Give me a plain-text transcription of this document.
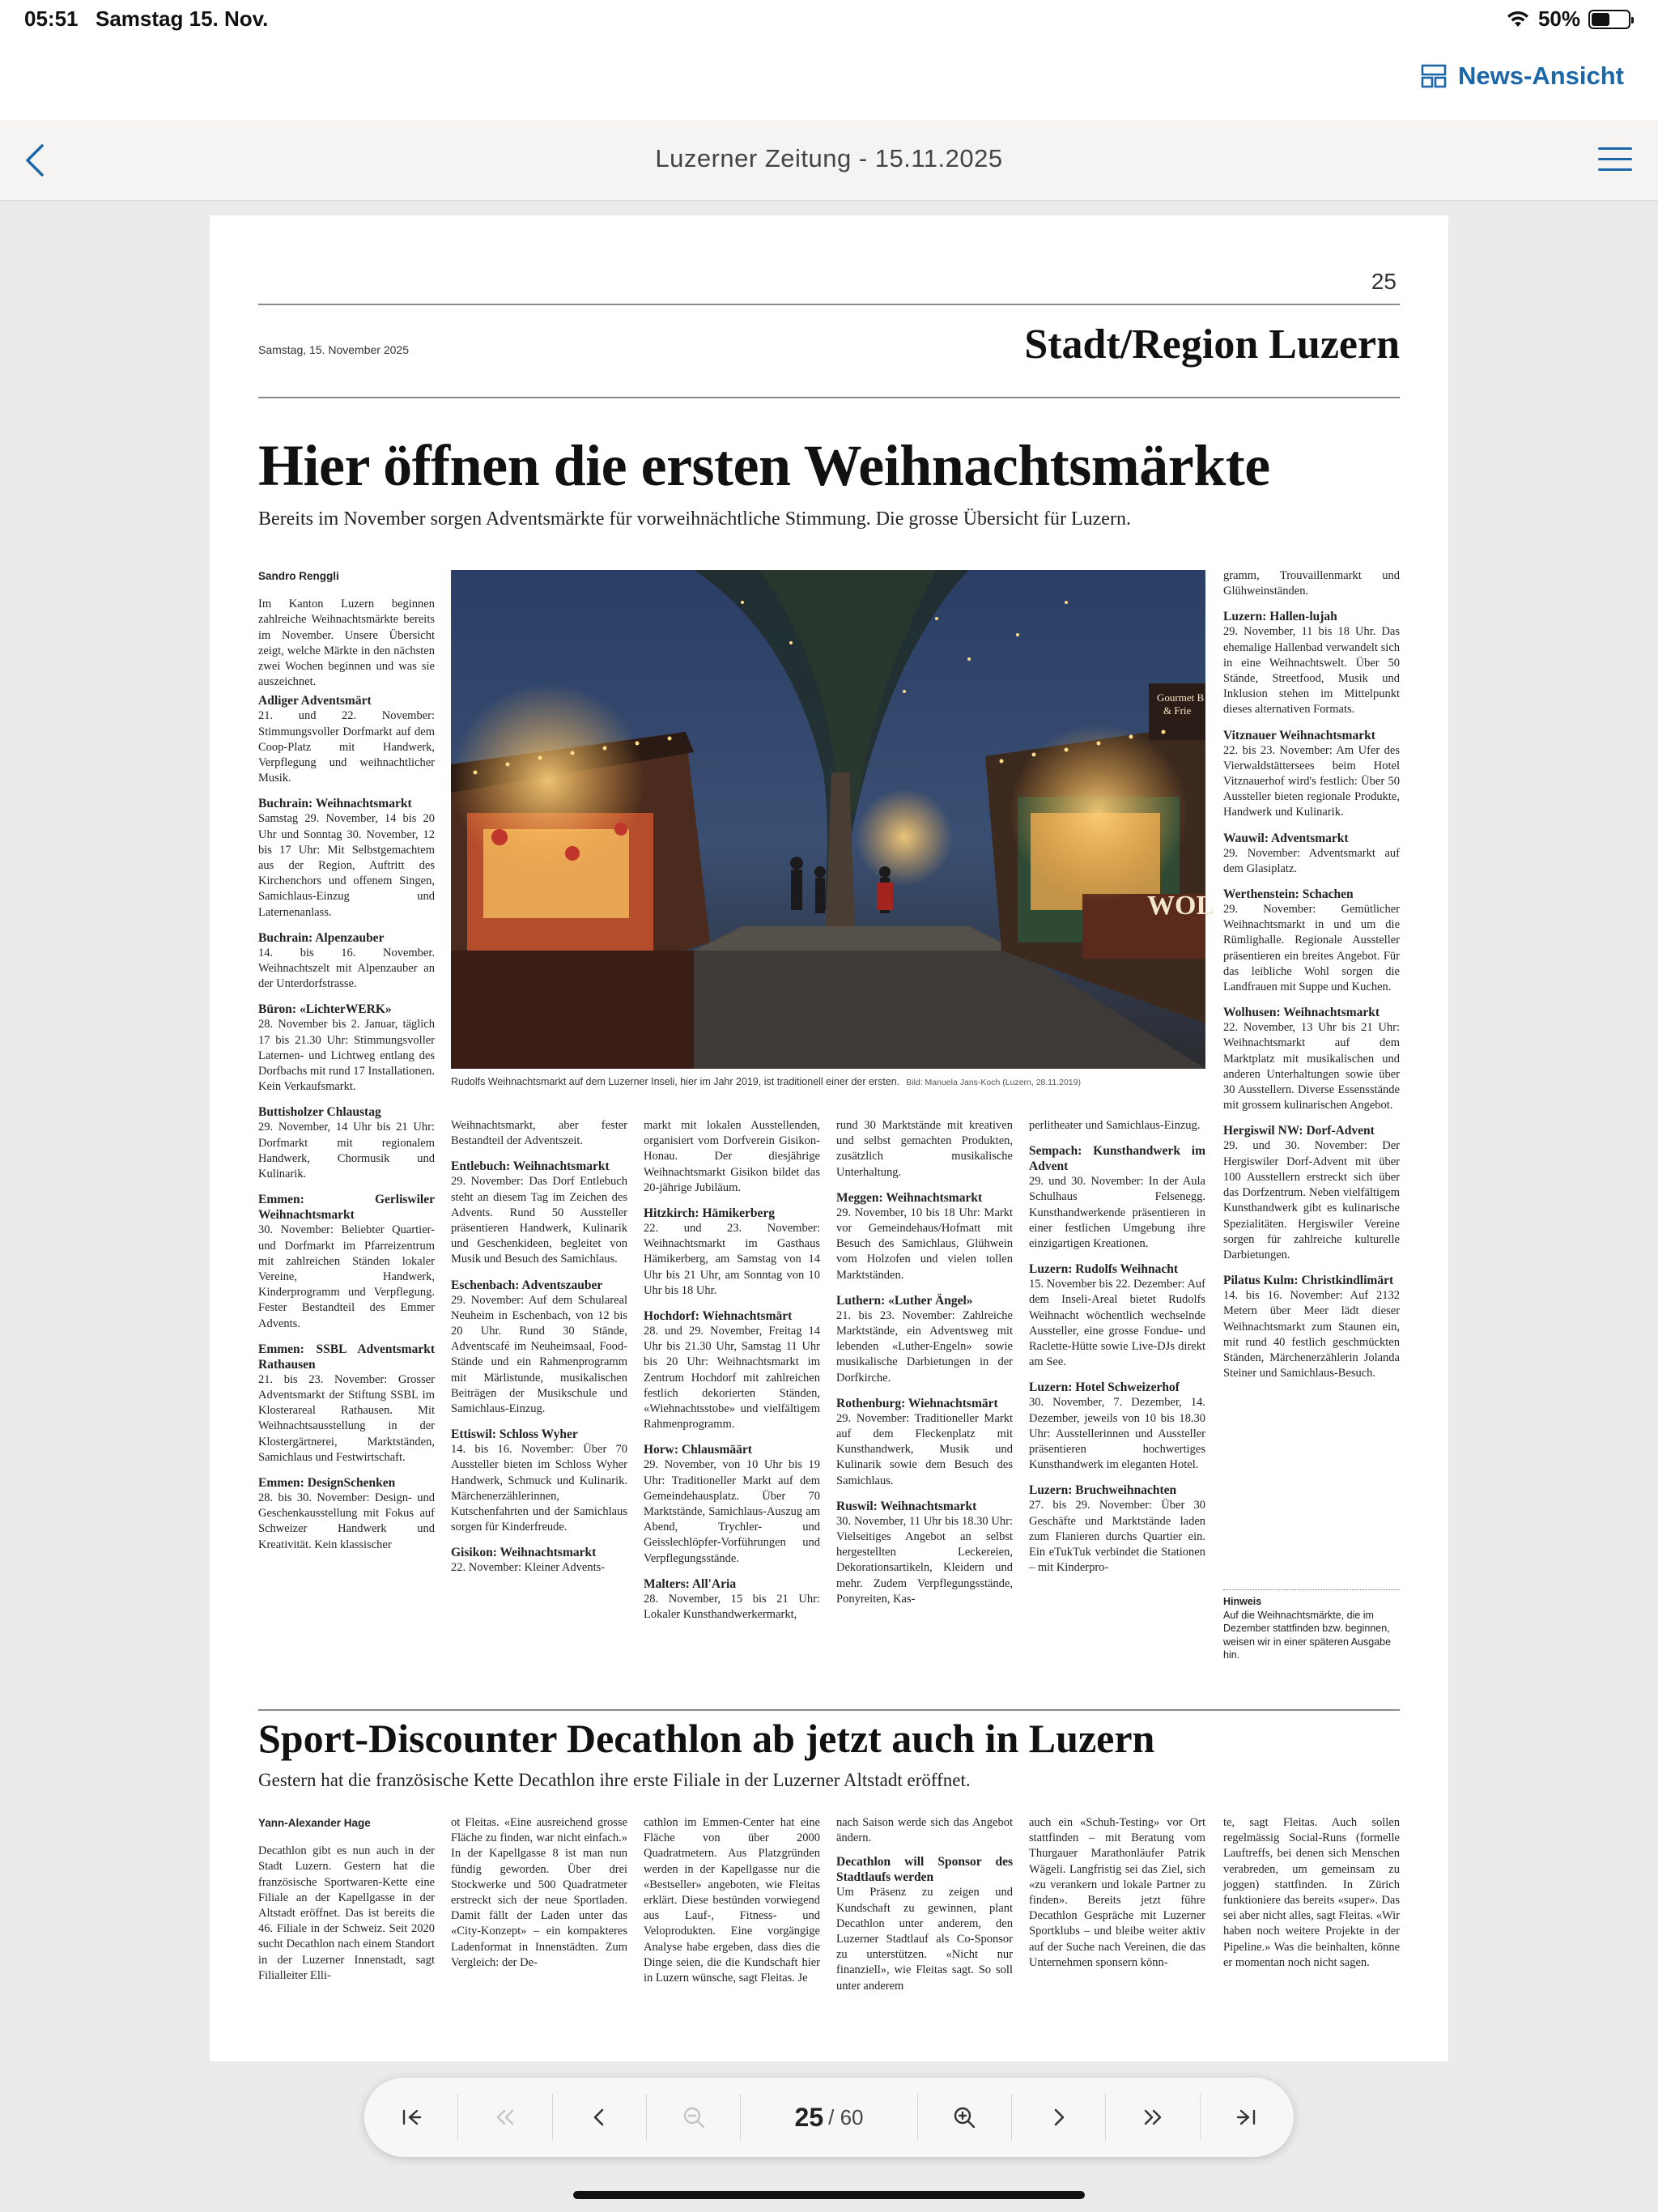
05:51 Samstag 15. Nov.	50%
News-Ansicht
Luzerner Zeitung - 15.11.2025
25
Samstag, 15. November 2025	Stadt/Region Luzern
Hier öffnen die ersten Weihnachtsmärkte
Bereits im November sorgen Adventsmärkte für vorweihnächtliche Stimmung. Die grosse Übersicht für Luzern.
Sandro Renggli

Im Kanton Luzern beginnen zahlreiche Weihnachtsmärkte bereits im November. Unsere Übersicht zeigt, welche Märkte in den nächsten zwei Wochen beginnen und was sie auszeichnet.

Adliger Adventsmärt

21. und 22. November: Stimmungsvoller Dorfmarkt auf dem Coop-Platz mit Handwerk, Verpflegung und weihnachtlicher Musik.

Buchrain: Weihnachtsmarkt

Samstag 29. November, 14 bis 20 Uhr und Sonntag 30. November, 12 bis 17 Uhr: Mit Selbstgemachtem aus der Region, Auftritt des Kirchenchors und offenem Singen, Samichlaus-Einzug und Laternenanlass.

Buchrain: Alpenzauber

14. bis 16. November. Weihnachtszelt mit Alpenzauber an der Unterdorfstrasse.

Büron: «LichterWERK»

28. November bis 2. Januar, täglich 17 bis 21.30 Uhr: Stimmungsvoller Laternen- und Lichtweg entlang des Dorfbachs mit rund 17 Installationen. Kein Verkaufsmarkt.

Buttisholzer Chlaustag

29. November, 14 Uhr bis 21 Uhr: Dorfmarkt mit regionalem Handwerk, Chormusik und Kulinarik.

Emmen: Gerliswiler Weihnachtsmarkt

30. November: Beliebter Quartier- und Dorfmarkt im Pfarreizentrum mit zahlreichen Ständen lokaler Vereine, Handwerk, Kinderprogramm und Verpflegung. Fester Bestandteil des Emmer Advents.

Emmen: SSBL Adventsmarkt Rathausen

21. bis 23. November: Grosser Adventsmarkt der Stiftung SSBL im Klosterareal Rathausen. Mit Weihnachtsausstellung in der Klostergärtnerei, Marktständen, Samichlaus und Festwirtschaft.

Emmen: DesignSchenken

28. bis 30. November: Design- und Geschenkausstellung mit Fokus auf Schweizer Handwerk und Kreativität. Kein klassischer

Gourmet B
& Frie
WOL
Rudolfs Weihnachtsmarkt auf dem Luzerner Inseli, hier im Jahr 2019, ist traditionell einer der ersten. Bild: Manuela Jans-Koch (Luzern, 28.11.2019)

Weihnachtsmarkt, aber fester Bestandteil der Adventszeit.

Entlebuch: Weihnachtsmarkt

29. November: Das Dorf Entlebuch steht an diesem Tag im Zeichen des Advents. Rund 50 Aussteller präsentieren Handwerk, Kulinarik und Geschenkideen, begleitet von Musik und Besuch des Samichlaus.

Eschenbach: Adventszauber

29. November: Auf dem Schulareal Neuheim in Eschenbach, von 12 bis 20 Uhr. Rund 30 Stände, Adventscafé im Neuheimsaal, Food-Stände und ein Rahmenprogramm mit Märlistunde, musikalischen Beiträgen der Musikschule und Samichlaus-Einzug.

Ettiswil: Schloss Wyher

14. bis 16. November: Über 70 Aussteller bieten im Schloss Wyher Handwerk, Schmuck und Kulinarik. Märchenerzählerinnen, Kutschenfahrten und der Samichlaus sorgen für Kinderfreude.

Gisikon: Weihnachtsmarkt

22. November: Kleiner Advents-

markt mit lokalen Ausstellenden, organisiert vom Dorfverein Gisikon-Honau. Der diesjährige Weihnachtsmarkt Gisikon bildet das 20-jährige Jubiläum.

Hitzkirch: Hämikerberg

22. und 23. November: Weihnachtsmarkt im Gasthaus Hämikerberg, am Samstag von 14 Uhr bis 21 Uhr, am Sonntag von 10 Uhr bis 18 Uhr.

Hochdorf: Wiehnachtsmärt

28. und 29. November, Freitag 14 Uhr bis 21.30 Uhr, Samstag 11 Uhr bis 20 Uhr: Weihnachtsmarkt im Zentrum Hochdorf mit zahlreichen festlich dekorierten Ständen, «Wiehnachtsstobe» und vielfältigem Rahmenprogramm.

Horw: Chlausmäärt

29. November, von 10 Uhr bis 19 Uhr: Traditioneller Markt auf dem Gemeindehausplatz. Über 70 Marktstände, Samichlaus-Auszug am Abend, Trychler- und Geisslechlöpfer-Vorführungen und Verpflegungsstände.

Malters: All'Aria

28. November, 15 bis 21 Uhr: Lokaler Kunsthandwerkermarkt,

rund 30 Marktstände mit kreativen und selbst gemachten Produkten, zusätzlich musikalische Unterhaltung.

Meggen: Weihnachtsmarkt

29. November, 10 bis 18 Uhr: Markt vor Gemeindehaus/Hofmatt mit Besuch des Samichlaus, Glühwein vom Holzofen und vielen tollen Marktständen.

Luthern: «Luther Ängel»

21. bis 23. November: Zahlreiche Marktstände, ein Adventsweg mit lebenden «Luther-Engeln» sowie musikalische Darbietungen in der Dorfkirche.

Rothenburg: Wiehnachtsmärt

29. November: Traditioneller Markt auf dem Fleckenplatz mit Kunsthandwerk, Musik und Kulinarik sowie dem Besuch des Samichlaus.

Ruswil: Weihnachtsmarkt

30. November, 11 Uhr bis 18.30 Uhr: Vielseitiges Angebot an selbst hergestellten Leckereien, Dekorationsartikeln, Kleidern und mehr. Zudem Verpflegungsstände, Ponyreiten, Kas-

perlitheater und Samichlaus-Einzug.

Sempach: Kunsthandwerk im Advent

29. und 30. November: In der Aula Schulhaus Felsenegg. Kunsthandwerkende präsentieren in einer festlichen Umgebung ihre einzigartigen Kreationen.

Luzern: Rudolfs Weihnacht

15. November bis 22. Dezember: Auf dem Inseli-Areal bietet Rudolfs Weihnacht wöchentlich wechselnde Aussteller, eine grosse Fondue- und Raclette-Hütte sowie Live-DJs direkt am See.

Luzern: Hotel Schweizerhof

30. November, 7. Dezember, 14. Dezember, jeweils von 10 bis 18.30 Uhr: Ausstellerinnen und Aussteller präsentieren hochwertiges Kunsthandwerk im eleganten Hotel.

Luzern: Bruchweihnachten

27. bis 29. November: Über 30 Geschäfte und Marktstände laden zum Flanieren durchs Quartier ein. Ein eTukTuk verbindet die Stationen – mit Kinderpro-

gramm, Trouvaillenmarkt und Glühweinständen.

Luzern: Hallen-lujah

29. November, 11 bis 18 Uhr. Das ehemalige Hallenbad verwandelt sich in eine Weihnachtswelt. Über 50 Stände, Streetfood, Musik und Inklusion stehen im Mittelpunkt dieses alternativen Formats.

Vitznauer Weihnachtsmarkt

22. bis 23. November: Am Ufer des Vierwaldstättersees beim Hotel Vitznauerhof wird's festlich: Über 50 Aussteller bieten regionale Produkte, Handwerk und Kulinarik.

Wauwil: Adventsmarkt

29. November: Adventsmarkt auf dem Glasiplatz.

Werthenstein: Schachen

29. November: Gemütlicher Weihnachtsmarkt in und um die Rümlighalle. Regionale Aussteller präsentieren ein breites Angebot. Für das leibliche Wohl sorgen die Landfrauen mit Suppe und Kuchen.

Wolhusen: Weihnachtsmarkt

22. November, 13 Uhr bis 21 Uhr: Weihnachtsmarkt auf dem Marktplatz mit musikalischen und anderen Unterhaltungen sowie über 30 Ausstellern. Diverse Essensstände mit grossem kulinarischen Angebot.

Hergiswil NW: Dorf-Advent

29. und 30. November: Der Hergiswiler Dorf-Advent mit über 100 Ausstellern erstreckt sich über das Dorfzentrum. Neben vielfältigem Kunsthandwerk gibt es kulinarische Spezialitäten. Hergiswiler Vereine sorgen für zahlreiche kulturelle Darbietungen.

Pilatus Kulm: Christkindlimärt

14. bis 16. November: Auf 2132 Metern über Meer lädt dieser Weihnachtsmarkt zum Staunen ein, mit rund 40 festlich geschmückten Ständen, Märchenerzählerin Jolanda Steiner und Samichlaus-Besuch.

Hinweis
Auf die Weihnachtsmärkte, die im Dezember stattfinden bzw. beginnen, weisen wir in einer späteren Ausgabe hin.
Sport-Discounter Decathlon ab jetzt auch in Luzern
Gestern hat die französische Kette Decathlon ihre erste Filiale in der Luzerner Altstadt eröffnet.
Yann-Alexander Hage

Decathlon gibt es nun auch in der Stadt Luzern. Gestern hat die französische Sportwaren-Kette eine Filiale an der Kapellgasse in der Altstadt eröffnet. Das ist bereits die 46. Filiale in der Schweiz. Seit 2020 sucht Decathlon nach einem Standort in der Luzerner Innenstadt, sagt Filialleiter Elli-

ot Fleitas. «Eine ausreichend grosse Fläche zu finden, war nicht einfach.» In der Kapellgasse 8 ist man nun fündig geworden. Über drei Stockwerke und 500 Quadratmeter erstreckt sich der neue Sportladen. Damit fällt der Laden unter das «City-Konzept» – ein kompakteres Ladenformat in Innenstädten. Zum Vergleich: der De-

cathlon im Emmen-Center hat eine Fläche von über 2000 Quadratmetern. Aus Platzgründen werden in der Kapellgasse nur die «Bestseller» angeboten, wie Fleitas erklärt. Diese bestünden vorwiegend aus Lauf-, Fitness- und Veloprodukten. Eine vorgängige Analyse habe ergeben, dass dies die Dinge seien, die die Kundschaft hier in Luzern wünsche, sagt Fleitas. Je

nach Saison werde sich das Angebot ändern.

Decathlon will Sponsor des Stadtlaufs werden

Um Präsenz zu zeigen und Kundschaft zu gewinnen, plant Decathlon unter anderem, den Luzerner Stadtlauf als Co-Sponsor zu unterstützen. «Nicht nur finanziell», wie Fleitas sagt. So soll unter anderem

auch ein «Schuh-Testing» vor Ort stattfinden – mit Beratung vom Thurgauer Marathonläufer Patrik Wägeli. Langfristig sei das Ziel, sich «zu verankern und lokale Partner zu finden». Bereits jetzt führe Decathlon Gespräche mit Luzerner Sportklubs – und bleibe weiter aktiv auf der Suche nach Vereinen, die das Unternehmen sponsern könn-

te, sagt Fleitas. Auch sollen regelmässig Social-Runs (formelle Lauftreffs, bei denen sich Menschen verabreden, um gemeinsam zu joggen) stattfinden. In Zürich funktioniere das bereits «super». Das sei aber nicht alles, sagt Fleitas. «Wir haben noch weitere Projekte in der Pipeline.» Was die beinhalten, könne er momentan noch nicht sagen.

25 / 60
